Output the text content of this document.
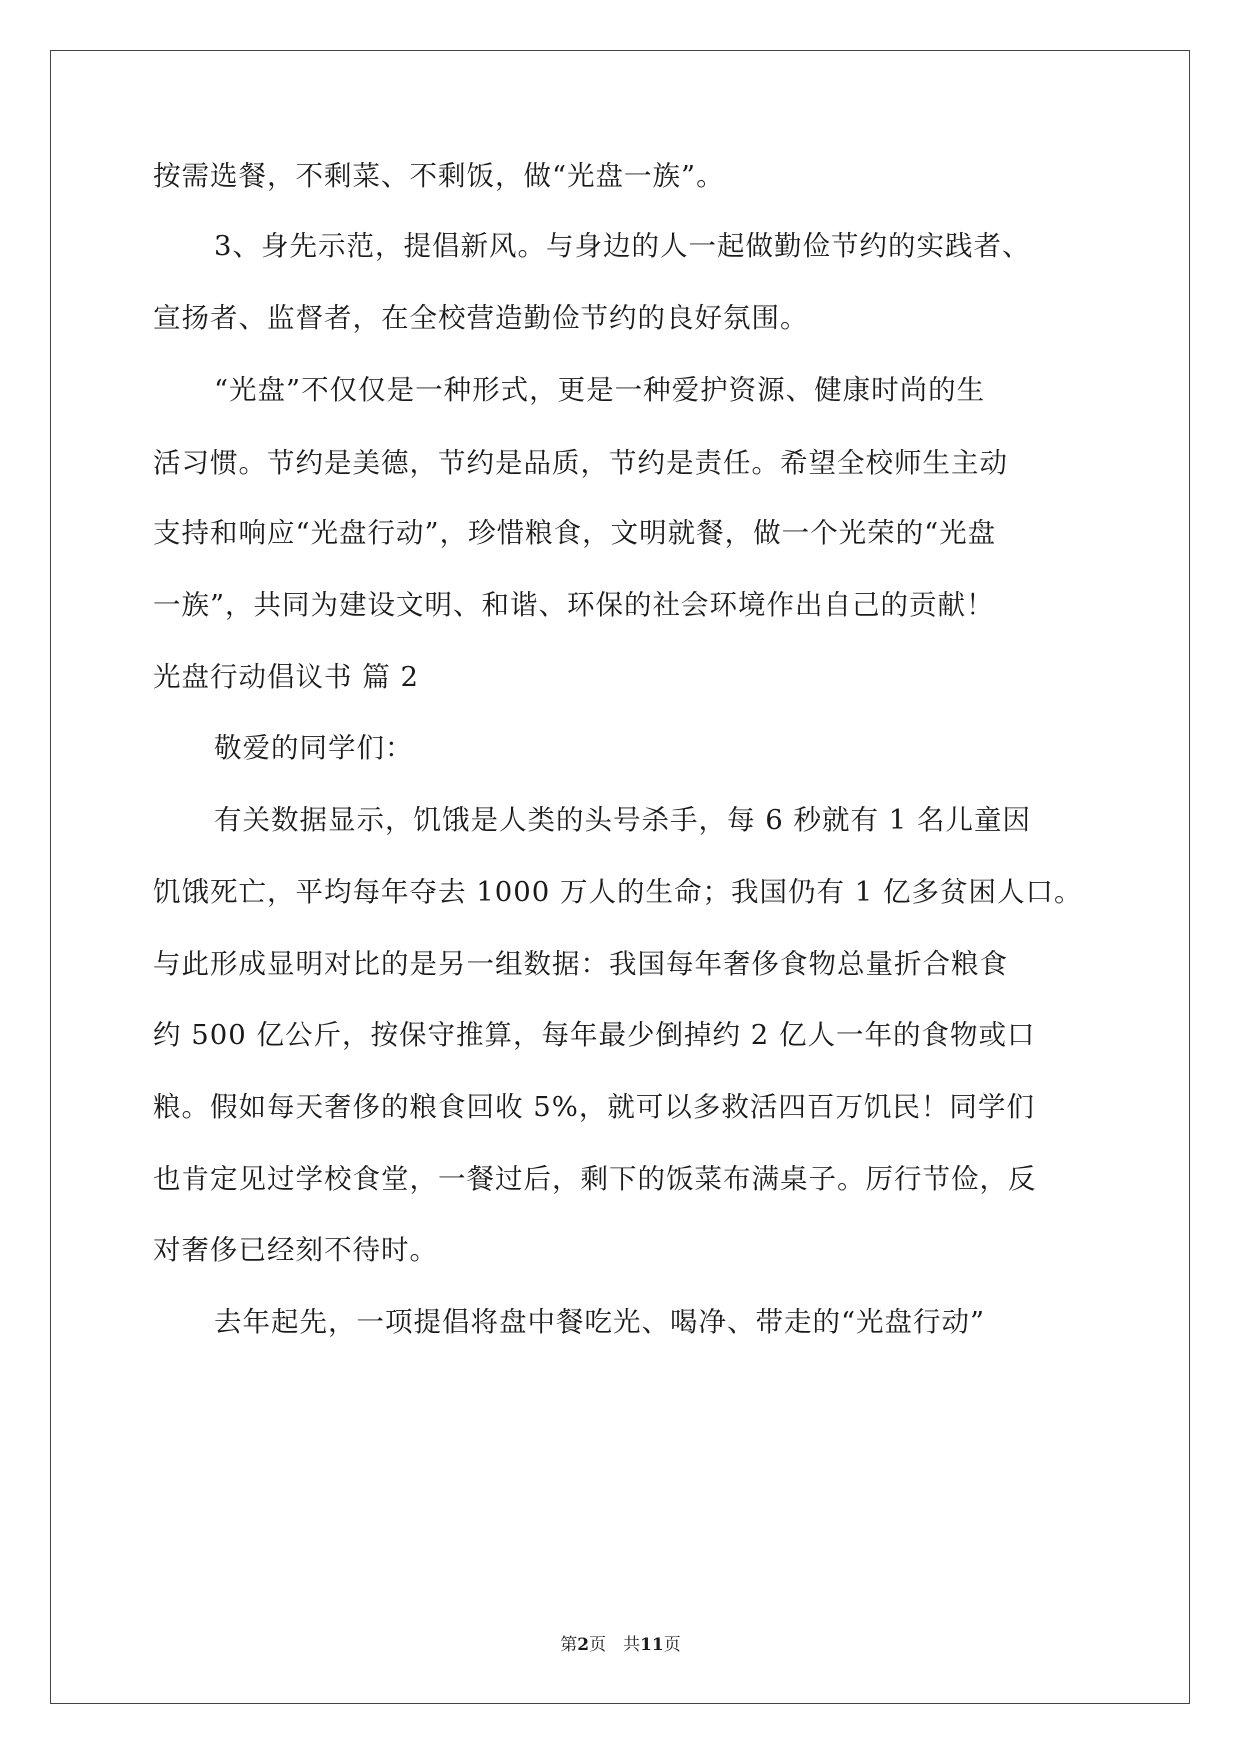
按需选餐，不剩菜、不剩饭，做“光盘一族”。
3、身先示范，提倡新风。与身边的人一起做勤俭节约的实践者、
宣扬者、监督者，在全校营造勤俭节约的良好氛围。
“光盘”不仅仅是一种形式，更是一种爱护资源、健康时尚的生
活习惯。节约是美德，节约是品质，节约是责任。希望全校师生主动
支持和响应“光盘行动”，珍惜粮食，文明就餐，做一个光荣的“光盘
一族”，共同为建设文明、和谐、环保的社会环境作出自己的贡献！
光盘行动倡议书 篇 2
敬爱的同学们：
有关数据显示，饥饿是人类的头号杀手，每 6 秒就有 1 名儿童因
饥饿死亡，平均每年夺去 1000 万人的生命；我国仍有 1 亿多贫困人口。
与此形成显明对比的是另一组数据：我国每年奢侈食物总量折合粮食
约 500 亿公斤，按保守推算，每年最少倒掉约 2 亿人一年的食物或口
粮。假如每天奢侈的粮食回收 5%，就可以多救活四百万饥民！同学们
也肯定见过学校食堂，一餐过后，剩下的饭菜布满桌子。厉行节俭，反
对奢侈已经刻不待时。
去年起先，一项提倡将盘中餐吃光、喝净、带走的“光盘行动”
第2页　共11页
